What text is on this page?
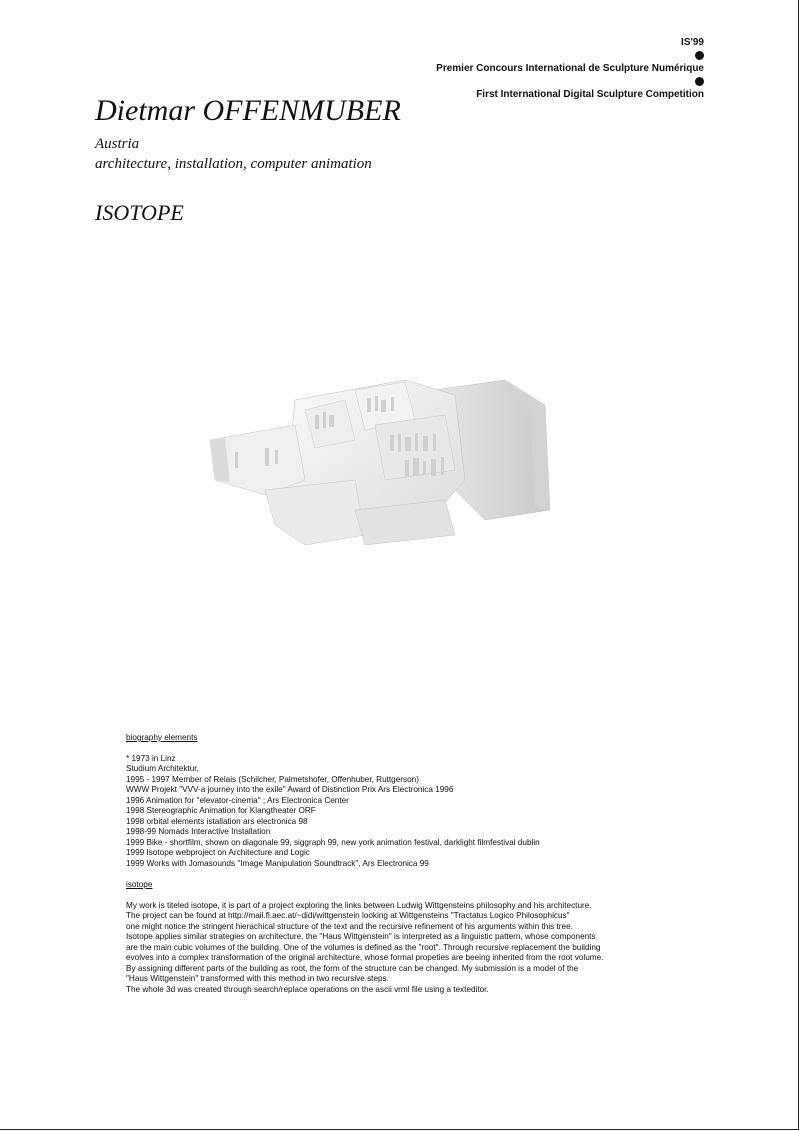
IS'99
Premier Concours International de Sculpture Numérique
First International Digital Sculpture Competition
Dietmar OFFENMUBER
Austria
architecture, installation, computer animation
ISOTOPE
biography elements
* 1973 in Linz
Studium Architektur,
1995 - 1997 Member of Relais (Schilcher, Palmetshofer, Offenhuber, Ruttgerson)
WWW Projekt "VVV-a journey into the exile" Award of Distinction Prix Ars Electronica 1996
1996 Animation for "elevator-cinema" ; Ars Electronica Center
1998 Stereographic Animation for Klangtheater ORF
1998 orbital elements istallation ars electronica 98
1998-99 Nomads Interactive Installation
1999 Bike - shortfilm, shown on diagonale 99, siggraph 99, new york animation festival, darklight filmfestival dublin
1999 Isotope webproject on Architecture and Logic
1999 Works with Jomasounds "Image Manipulation Soundtrack", Ars Electronica 99
isotope
My work is titeled isotope, it is part of a project exploring the links between Ludwig Wittgensteins philosophy and his architecture.
The project can be found at http://mail.fl.aec.at/~didi/wittgenstein looking at Wittgensteins "Tractatus Logico Philosophicus"
one might notice the stringent hierachical structure of the text and the recursive refinement of his arguments within this tree.
Isotope applies similar strategies on architecture. the "Haus Wittgenstein" is interpreted as a linguistic pattern, whose components
are the main cubic volumes of the building. One of the volumes is defined as the "root". Through recursive replacement the building
evolves into a complex transformation of the original architecture, whose formal propeties are beeing inherited from the root volume.
By assigning different parts of the building as root, the form of the structure can be changed. My submission is a model of the
"Haus Wittgenstein" transformed with this method in two recursive steps.
The whole 3d was created through search/replace operations on the ascii vrml file using a texteditor.
